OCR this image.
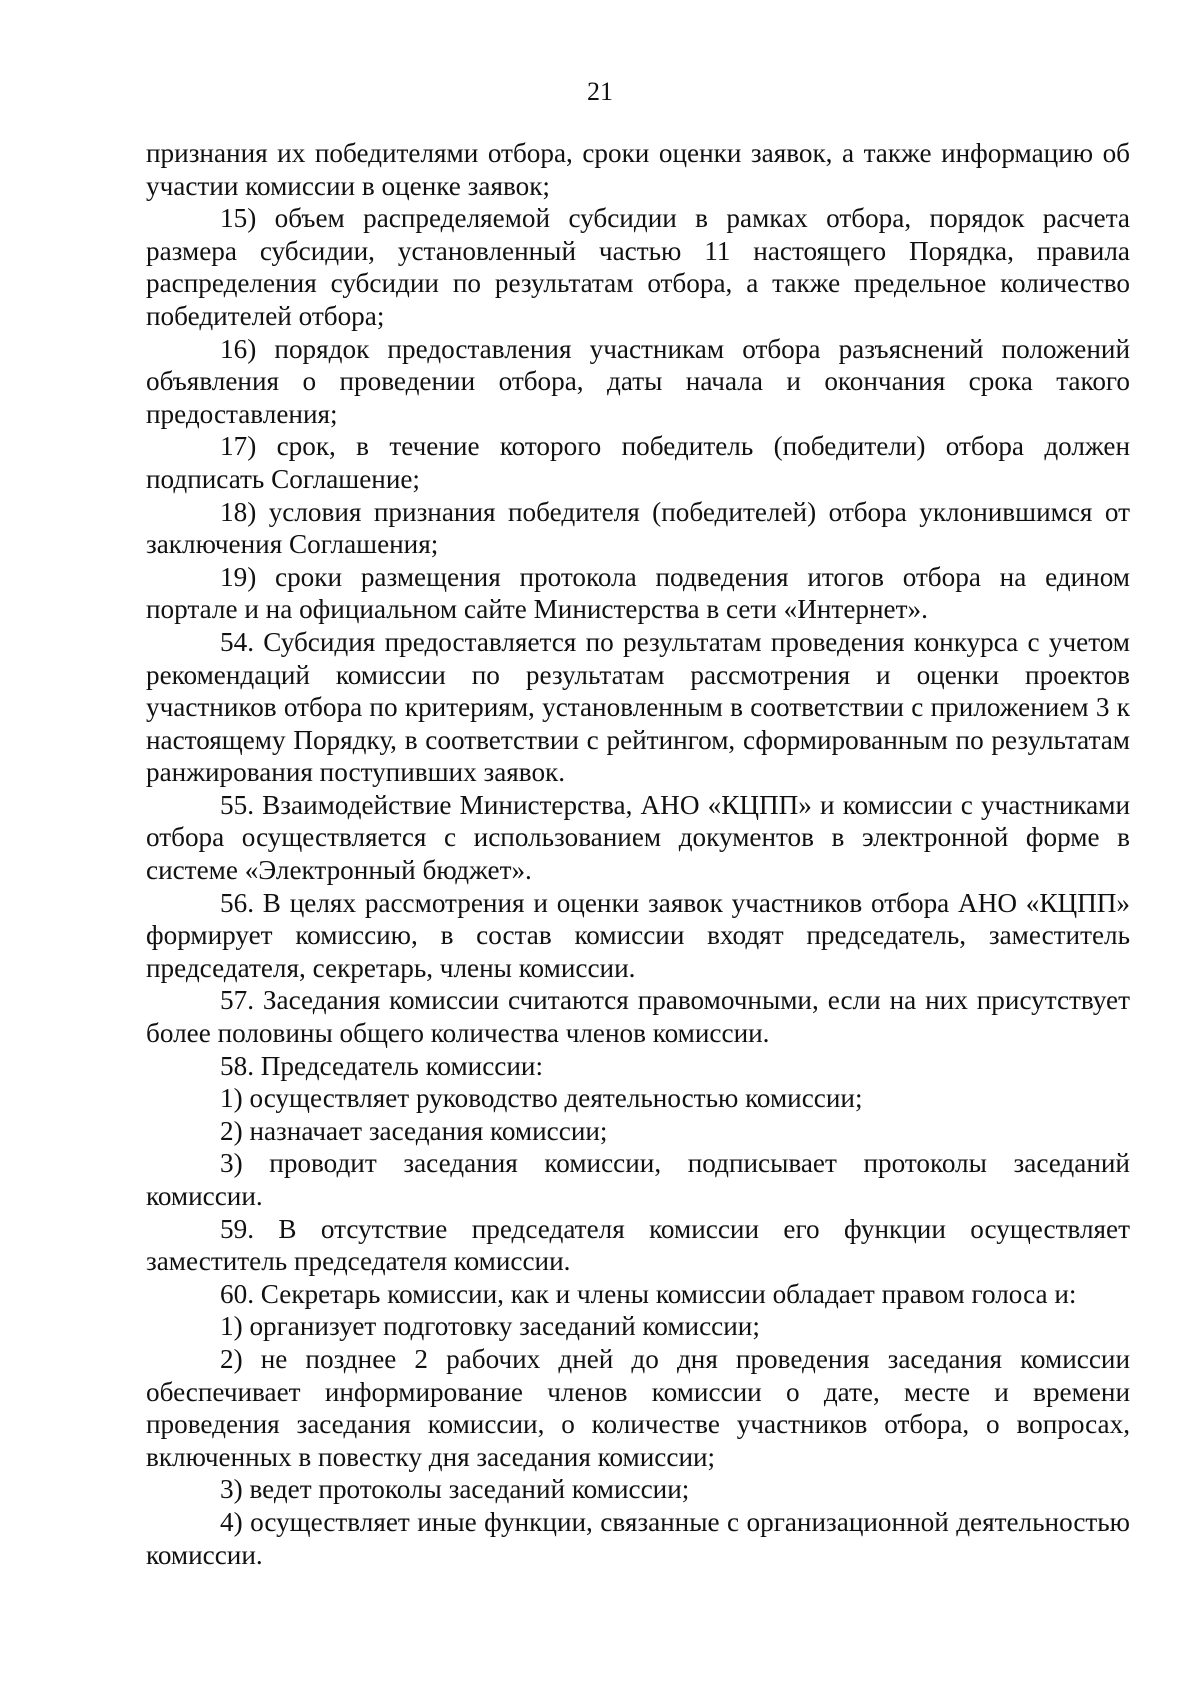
21

признания их победителями отбора, сроки оценки заявок, а также информацию об участии комиссии в оценке заявок;

15) объем распределяемой субсидии в рамках отбора, порядок расчета размера субсидии, установленный частью 11 настоящего Порядка, правила распределения субсидии по результатам отбора, а также предельное количество победителей отбора;

16) порядок предоставления участникам отбора разъяснений положений объявления о проведении отбора, даты начала и окончания срока такого предоставления;

17) срок, в течение которого победитель (победители) отбора должен подписать Соглашение;

18) условия признания победителя (победителей) отбора уклонившимся от заключения Соглашения;

19) сроки размещения протокола подведения итогов отбора на едином портале и на официальном сайте Министерства в сети «Интернет».

54. Субсидия предоставляется по результатам проведения конкурса с учетом рекомендаций комиссии по результатам рассмотрения и оценки проектов участников отбора по критериям, установленным в соответствии с приложением 3 к настоящему Порядку, в соответствии с рейтингом, сформированным по результатам ранжирования поступивших заявок.

55. Взаимодействие Министерства, АНО «КЦПП» и комиссии с участниками отбора осуществляется с использованием документов в электронной форме в системе «Электронный бюджет».

56. В целях рассмотрения и оценки заявок участников отбора АНО «КЦПП» формирует комиссию, в состав комиссии входят председатель, заместитель председателя, секретарь, члены комиссии.

57. Заседания комиссии считаются правомочными, если на них присутствует более половины общего количества членов комиссии.

58. Председатель комиссии:

1) осуществляет руководство деятельностью комиссии;

2) назначает заседания комиссии;

3) проводит заседания комиссии, подписывает протоколы заседаний комиссии.

59. В отсутствие председателя комиссии его функции осуществляет заместитель председателя комиссии.

60. Секретарь комиссии, как и члены комиссии обладает правом голоса и:

1) организует подготовку заседаний комиссии;

2) не позднее 2 рабочих дней до дня проведения заседания комиссии обеспечивает информирование членов комиссии о дате, месте и времени проведения заседания комиссии, о количестве участников отбора, о вопросах, включенных в повестку дня заседания комиссии;

3) ведет протоколы заседаний комиссии;

4) осуществляет иные функции, связанные с организационной деятельностью комиссии.
